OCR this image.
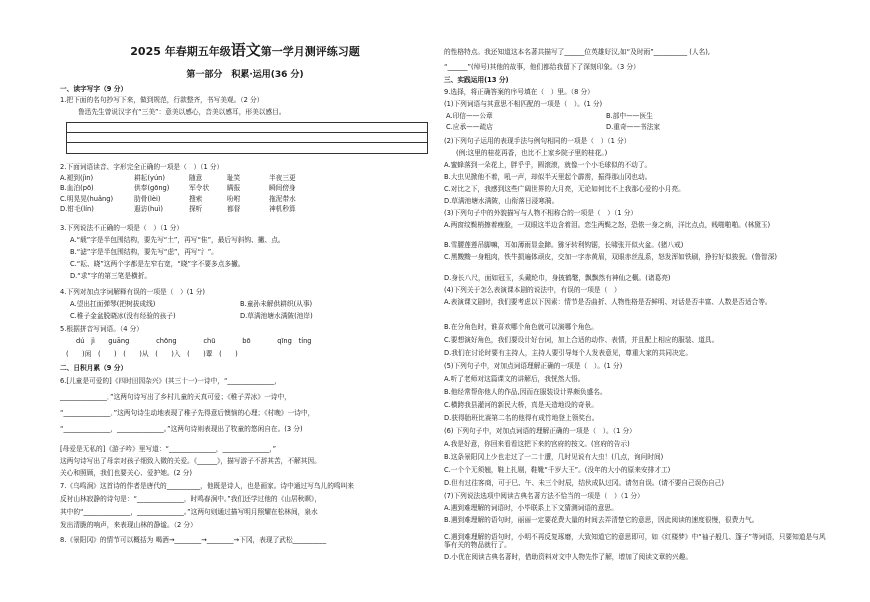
2025 年春期五年级语文第一学月测评练习题
第一部分　积累·运用(36 分)
一、读字写字（9 分）
1.把下面的名句抄写下来，做到规范，行款整齐，书写美观。（2 分）
鲁迅先生曾说汉字有“三美”：意美以感心，音美以感耳，形美以感目。
2.下面词语读音、字形完全正确的一项是（　）（1 分）
A.褪到(jìn)	耕耘(yún)	随意	耻笑	半夜三更
B.血泊(pō)	供奉(gōng)	军令状	瞒报	瞬间傍身
C.明晃晃(huǎng)	肋骨(lèi)	搜索	吩咐	拖泥带水
D.钳毛(lín)	遐访(huì)	探听	都督	神机秒算
3.下列说法不正确的一项是（　）（1 分）
A.“载”字是半包围结构，要先写“土”，再写“隹”，最后写斜钩、撇、点。
B.“滤”字是半包围结构，要先写“虑”，再写“氵”。
C.“耘、晓”这两个字都是左窄右宽，“晓”字不要多点多撇。
D.“求”字的第三笔是横折。
4.下列对加点字词解释有误的一项是（　）(1 分)
A.望出扛面弹琴(把树拔成线)	B.童孙未解供耕织(从事)
C.稚子金盆脱晓冰(没有经验的孩子)	D.草满池塘水满陂(池岸)
5.根据拼音写词语。（4 分）
dú　jì　　 guāng　　　　chōng　　　　chū　　　　bō　　　　qīng　tíng
(　　)闲　(　　)　(　　)从　(　　)入　(　　)蕈　(　　)
二、日积月累（9 分）
6.[儿童是可爱的]《四时田园杂兴》(其三十一)一诗中，“______________，
______________．”这两句诗写出了乡村儿童的天真可爱；《稚子弄冰》一诗中，
“______________．”这两句诗生动地表现了稚子先得意后懊恼的心理；《村晚》一诗中，
“______________，______________。”这两句诗则表现出了牧童的悠闲自在。(3 分)
[母爱是无私的]《游子吟》里写道：“______________，______________，”
这两句诗写出了母亲对孩子细致入微的关爱。《______》，描写游子不辞其苦，不解其因。
关心和照顾，我们也要关心、爱护她。(2 分)
7.《乌鸣涧》这首诗的作者是唐代的__________，他既是诗人，也是画家。诗中通过写鸟儿的鸣叫来
反衬山林寂静的诗句是：“______________，时鸣春涧中。”我们还学过他的《山居秋暝》，
其中的“______________，______________。”这两句则通过描写明月照耀在松林间，泉水
发出清脆的响声，来表现山林的静谧。（2 分）
8.《景阳冈》的情节可以概括为 喝酒→________→________→下冈，表现了武松__________
的性格特点。我还知道这本名著共描写了______位英雄好汉,如“及时雨”__________ (人名),
“______”(绰号)其他的故事，他们都给我留下了深刻印象。（3 分）
三、实践运用(13 分)
9.选择，将正确答案的序号填在（　）里。（8 分）
(1)下列词语与其意思不相匹配的一项是（　）。(1 分)
A.印信——公章	B.部中——医生
C.应承——疏店	D.重奇——书法家
(2)下列句子运用的表现手法与例句相同的一项是（　）（1 分）
(例:这里的桂花再香，也比不上家乡院子里的桂花。)
A.蜜蜂落到一朵花上，胖乎乎，圆滚滚，就像一个小毛球似的不动了。
B.大虫见掀他不着，吼一声，却似半天里起个霹雳，振得那山冈也动。
C.对比之下，我感到这些广阔世界的大月亮，无论如何比不上我那心爱的小月亮。
D.草满池塘水满陂，山衔落日浸寒漪。
(3)下列句子中的外貌描写与人物不相称合的一项是（　）（1 分）
A.两窗纹鬓梢擦着瘦脸，一双眼这半边含着泪。恋生两鬓之怒，恐侬一身之病，洋比点点，贱啪啪啪。(林黛玉)
B.雪腰莲莲吊脚嘛，耳如薄雨显金蹄。猕牙转利钩锯，长啸张开似火盆。(猪八戒)
C.黑黢黢一身粗肉，铁牛损遍体顽皮，交加一字赤黄眉，双眼赤丝乱系，怒发浑如铁刷，狰狞好似狻猊。(鲁智深)
D.身长八尺，面如冠玉，头戴纶巾，身披鹤氅，飘飘然有神仙之概。(诸葛亮)
(4)下列关于怎么表演课本剧的说法中，有误的一项是（　）
A.表演课文剧时，我们要考虑以下因素：情节是否曲折、人物性格是否鲜明、对话是否丰富、人数是否适合等。
B.在分角色时，谁喜欢哪个角色就可以演哪个角色。
C.要想演好角色，我们要设计好台词，加上合适的动作、表情，并且配上相应的服装、道具。
D.我们在讨论时要有主持人，主持人要引导每个人发表意见，尊重大家的共同决定。
(5)下列句子中，对加点词语理解正确的一项是（　）。(1 分)
A.听了老师对这篇课文的讲解后，我恍然大悟。
B.他经常帮你他人的作品,因而在服装设计界颇负盛名。
C.横跨我县灌河的新民大桥，真是天造地设的奇景。
D.获得胎班比赛第二名的他得有成竹地登上领奖台。
(6) 下列句子中，对加点词语的理解正确的一项是（　）。（1 分）
A.我是好意，你回来看看这把下来的宫府的按文。(宫府的告示)
B.这条景阳冈上少也走过了一二十遭，几时见说有大虫！(几点，询问时间)
C.一个个无须翘，鞋上扎剔，鞋靴“千岁大王”。(没年的大小的原来安排才工)
D.但有过往客商，可于巳、午、未三个时辰，结伙成队过冈。请勿自误。(请不要自己误伤自己)
(7)下列说法选项中阅读古典名著方法不恰当的一项是（　）（1 分）
A.遇到难理解的词语时，小毕联系上下文猜测词语的意思。
B.遇到难理解的语句时，丽丽一定要花费大量的时间去弄清楚它的意思，因此阅读的速度很慢，很费力气。
C.遇到难理解的语句时，小明不再反复琢磨，大致知道它的意思即可，如《红楼梦》中“袖子般几、篷子”等词语，只要知道是与风筝有关的物品就行了。
D.小优在阅读古典名著时，借助资料对文中人物先作了解，增加了阅读文章的兴趣。
